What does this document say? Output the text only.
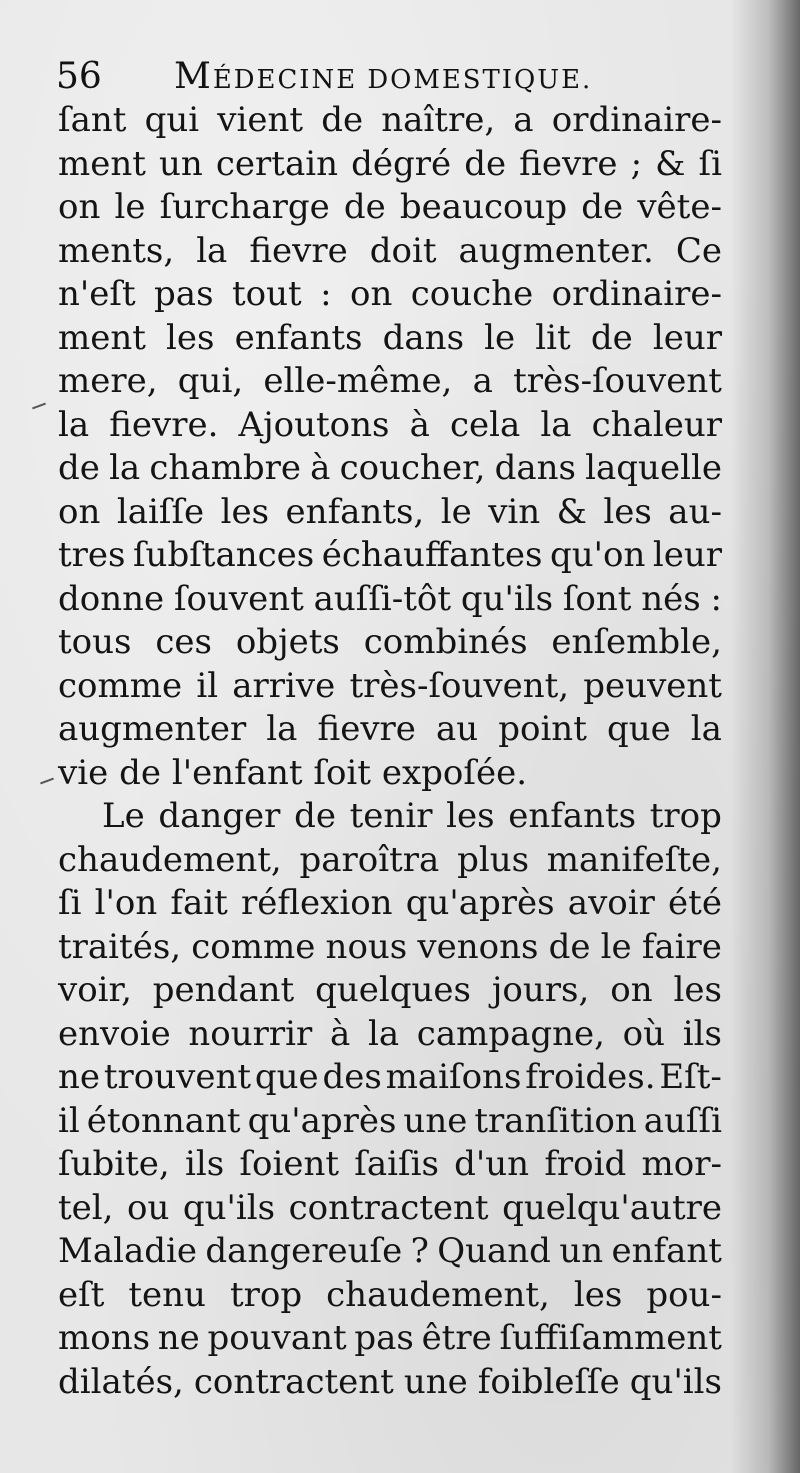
56 MÉDECINE DOMESTIQUE.
ſant qui vient de naître, a ordinaire-
ment un certain dégré de fievre ; & ſi
on le ſurcharge de beaucoup de vête-
ments, la fievre doit augmenter. Ce
n'eſt pas tout : on couche ordinaire-
ment les enfants dans le lit de leur
mere, qui, elle-même, a très-ſouvent
la fievre. Ajoutons à cela la chaleur
de la chambre à coucher, dans laquelle
on laiſſe les enfants, le vin & les au-
tres ſubſtances échauffantes qu'on leur
donne ſouvent auſſi-tôt qu'ils ſont nés :
tous ces objets combinés enſemble,
comme il arrive très-ſouvent, peuvent
augmenter la fievre au point que la
vie de l'enfant ſoit expoſée.
Le danger de tenir les enfants trop
chaudement, paroîtra plus manifeſte,
ſi l'on fait réflexion qu'après avoir été
traités, comme nous venons de le faire
voir, pendant quelques jours, on les
envoie nourrir à la campagne, où ils
ne trouvent que des maiſons froides. Eſt-
il étonnant qu'après une tranſition auſſi
ſubite, ils ſoient ſaiſis d'un froid mor-
tel, ou qu'ils contractent quelqu'autre
Maladie dangereuſe ? Quand un enfant
eſt tenu trop chaudement, les pou-
mons ne pouvant pas être ſuffiſamment
dilatés, contractent une foibleſſe qu'ils
